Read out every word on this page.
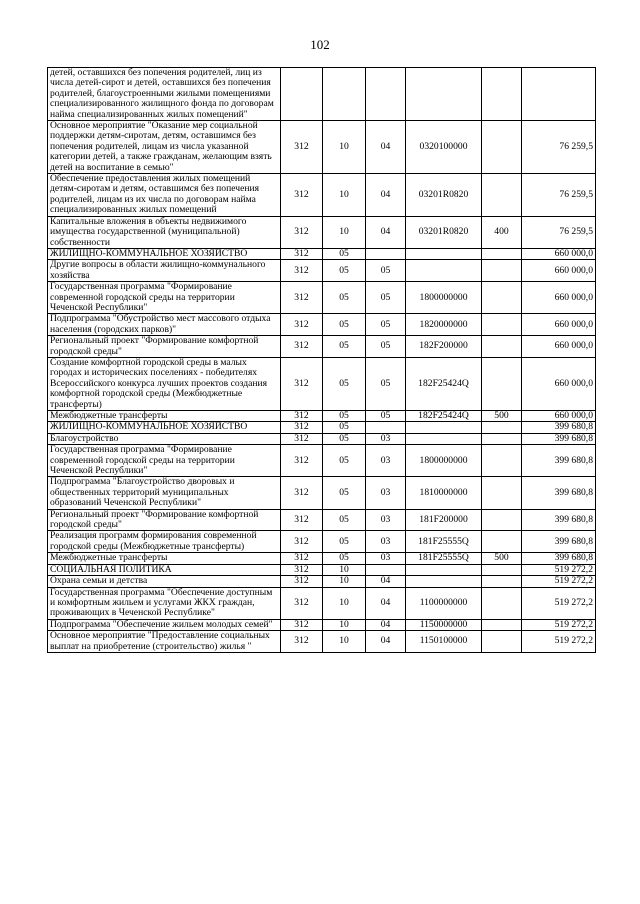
102
детей, оставшихся без попечения родителей, лиц из числа детей-сирот и детей, оставшихся без попечения родителей, благоустроенными жилыми помещениями специализированного жилищного фонда по договорам найма специализированных жилых помещений"						
Основное мероприятие "Оказание мер социальной поддержки детям-сиротам, детям, оставшимся без попечения родителей, лицам из числа указанной категории детей, а также гражданам, желающим взять детей на воспитание в семью"	312	10	04	0320100000		76 259,5
Обеспечение предоставления жилых помещений детям-сиротам и детям, оставшимся без попечения родителей, лицам из их числа по договорам найма специализированных жилых помещений	312	10	04	03201R0820		76 259,5
Капитальные вложения в объекты недвижимого имущества государственной (муниципальной) собственности	312	10	04	03201R0820	400	76 259,5
ЖИЛИЩНО-КОММУНАЛЬНОЕ ХОЗЯЙСТВО	312	05				660 000,0
Другие вопросы в области жилищно-коммунального хозяйства	312	05	05			660 000,0
Государственная программа "Формирование современной городской среды на территории Чеченской Республики"	312	05	05	1800000000		660 000,0
Подпрограмма "Обустройство мест массового отдыха населения (городских парков)"	312	05	05	1820000000		660 000,0
Региональный проект "Формирование комфортной городской среды"	312	05	05	182F200000		660 000,0
Создание комфортной городской среды в малых городах и исторических поселениях - победителях Всероссийского конкурса лучших проектов создания комфортной городской среды (Межбюджетные трансферты)	312	05	05	182F25424Q		660 000,0
Межбюджетные трансферты	312	05	05	182F25424Q	500	660 000,0
ЖИЛИЩНО-КОММУНАЛЬНОЕ ХОЗЯЙСТВО	312	05				399 680,8
Благоустройство	312	05	03			399 680,8
Государственная программа "Формирование современной городской среды на территории Чеченской Республики"	312	05	03	1800000000		399 680,8
Подпрограмма "Благоустройство дворовых и общественных территорий муниципальных образований Чеченской Республики"	312	05	03	1810000000		399 680,8
Региональный проект "Формирование комфортной городской среды"	312	05	03	181F200000		399 680,8
Реализация программ формирования современной городской среды (Межбюджетные трансферты)	312	05	03	181F25555Q		399 680,8
Межбюджетные трансферты	312	05	03	181F25555Q	500	399 680,8
СОЦИАЛЬНАЯ ПОЛИТИКА	312	10				519 272,2
Охрана семьи и детства	312	10	04			519 272,2
Государственная программа "Обеспечение доступным и комфортным жильем и услугами ЖКХ граждан, проживающих в Чеченской Республике"	312	10	04	1100000000		519 272,2
Подпрограмма "Обеспечение жильем молодых семей"	312	10	04	1150000000		519 272,2
Основное мероприятие "Предоставление социальных выплат на приобретение (строительство) жилья "	312	10	04	1150100000		519 272,2
